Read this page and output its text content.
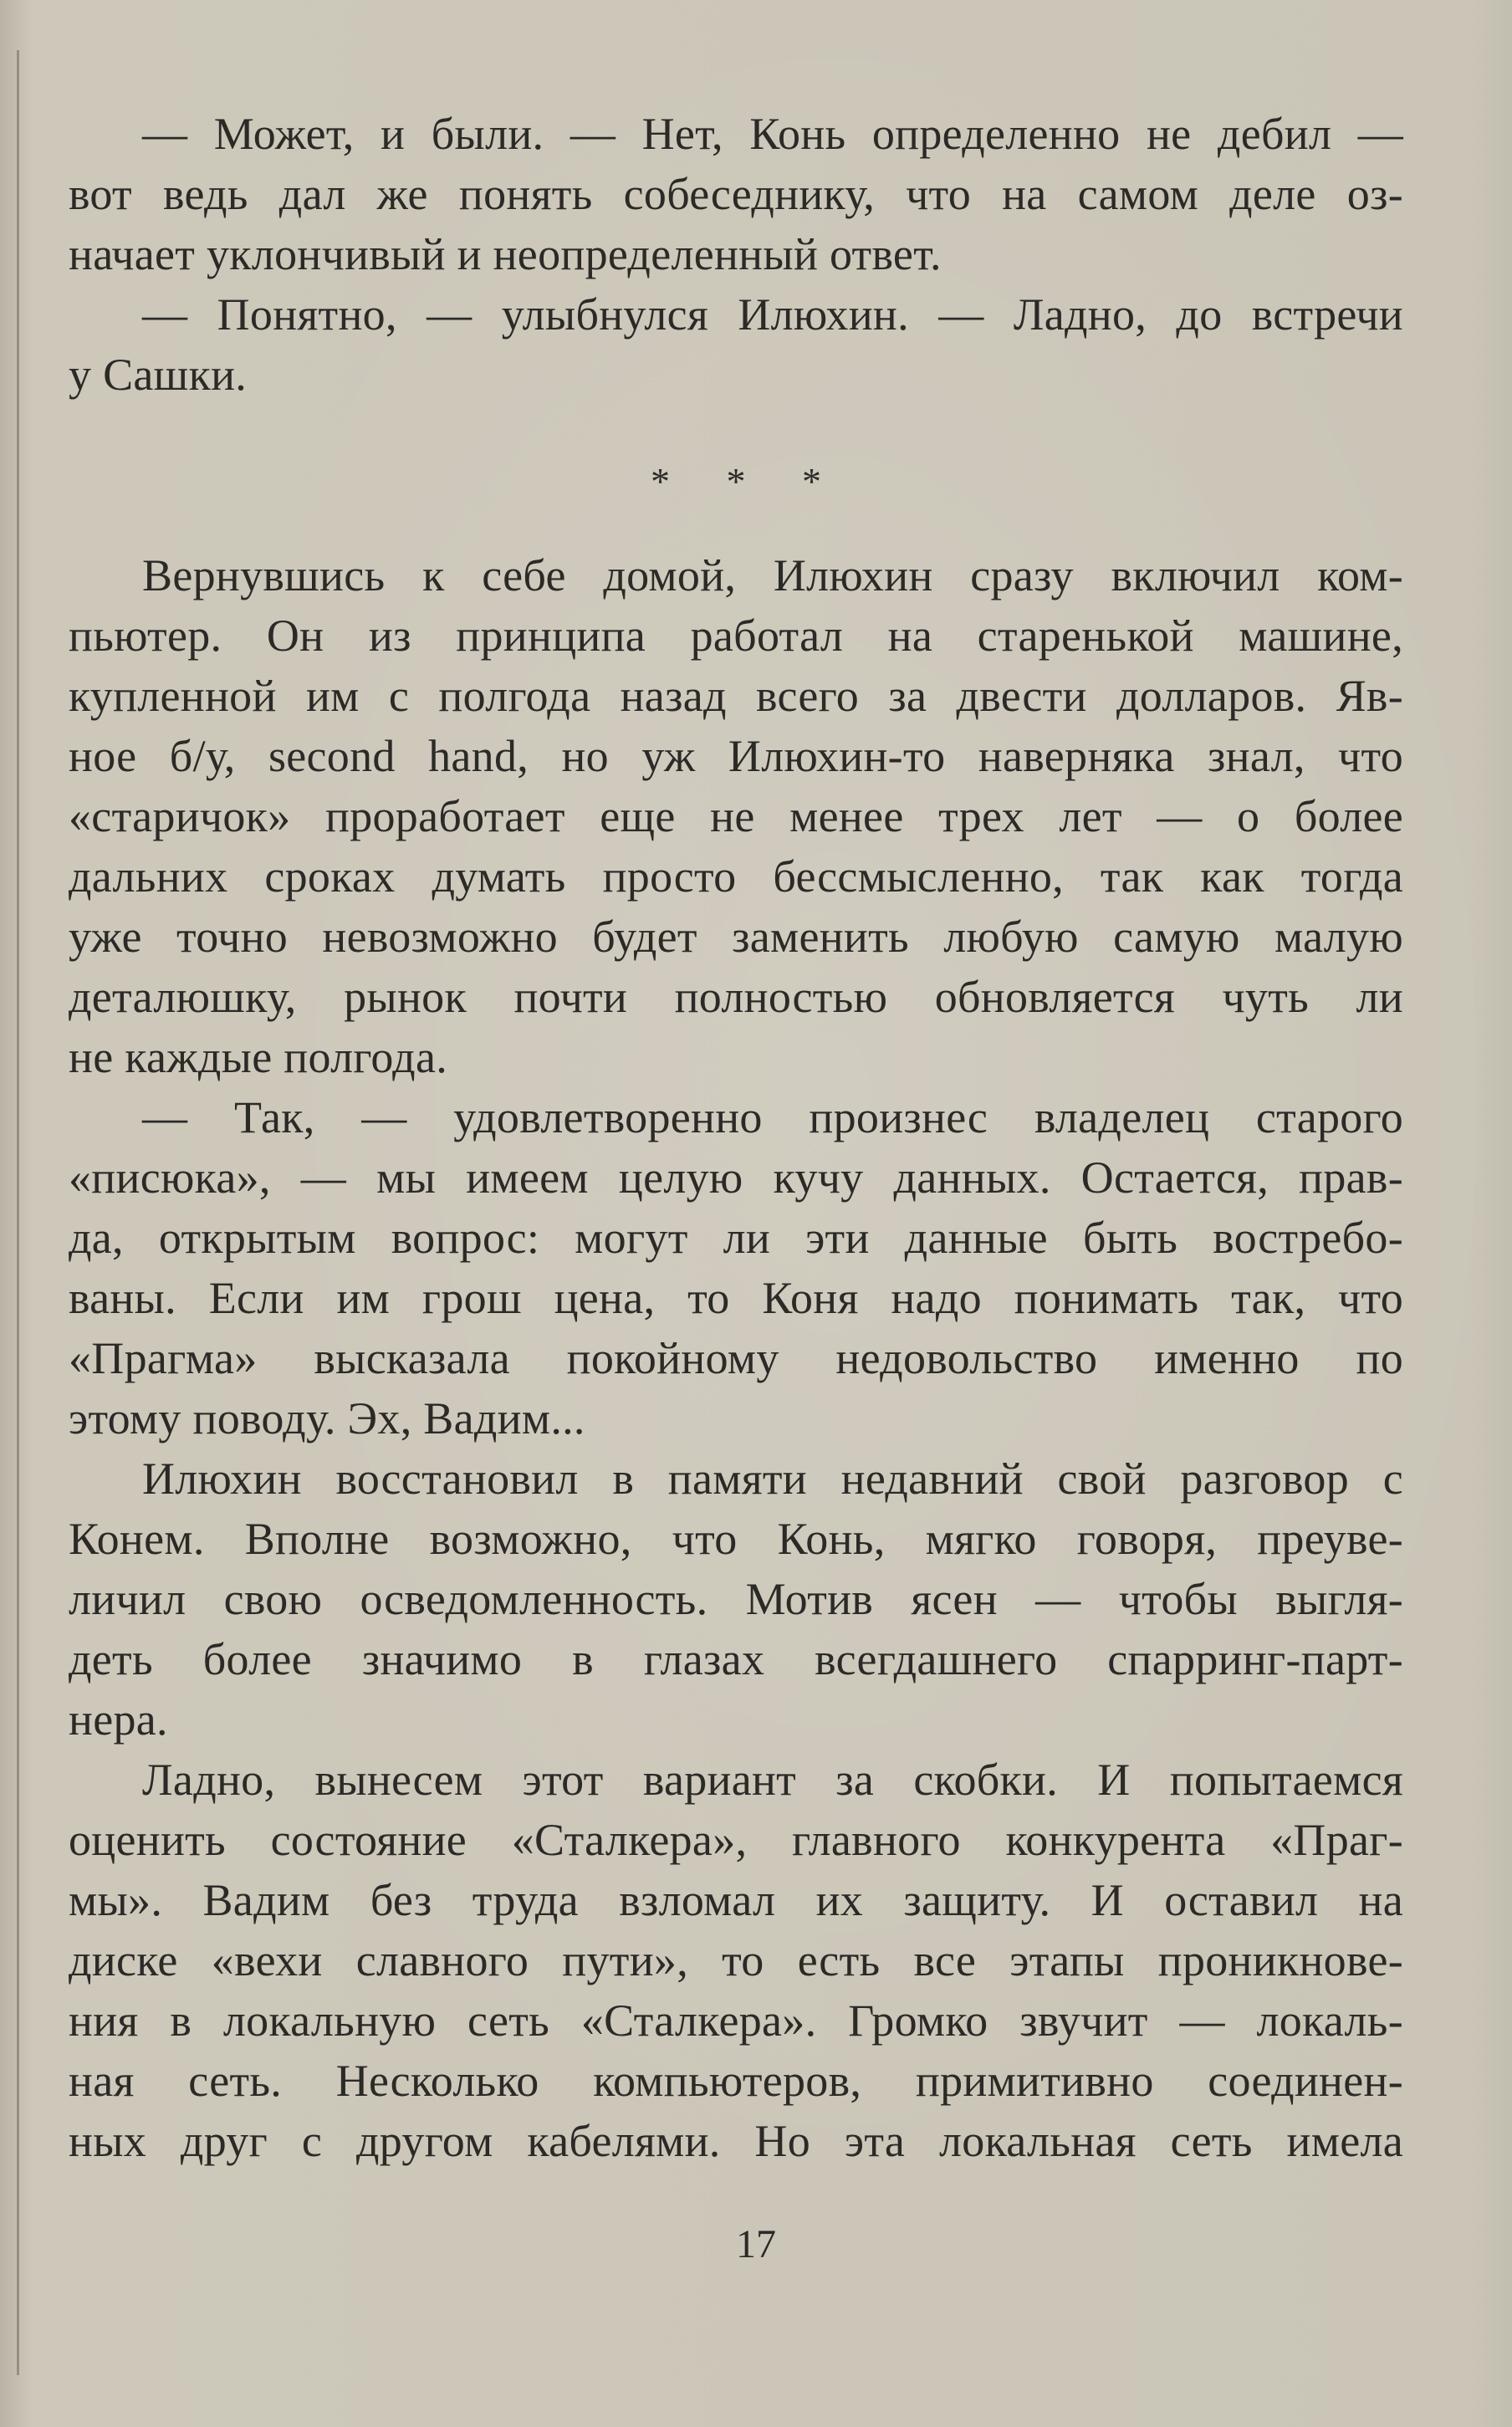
— Может, и были. — Нет, Конь определенно не дебил —
вот ведь дал же понять собеседнику, что на самом деле оз-
начает уклончивый и неопределенный ответ.
— Понятно, — улыбнулся Илюхин. — Ладно, до встречи
у Сашки.
* * *
Вернувшись к себе домой, Илюхин сразу включил ком-
пьютер. Он из принципа работал на старенькой машине,
купленной им с полгода назад всего за двести долларов. Яв-
ное б/у, second hand, но уж Илюхин-то наверняка знал, что
«старичок» проработает еще не менее трех лет — о более
дальних сроках думать просто бессмысленно, так как тогда
уже точно невозможно будет заменить любую самую малую
деталюшку, рынок почти полностью обновляется чуть ли
не каждые полгода.
— Так, — удовлетворенно произнес владелец старого
«писюка», — мы имеем целую кучу данных. Остается, прав-
да, открытым вопрос: могут ли эти данные быть востребо-
ваны. Если им грош цена, то Коня надо понимать так, что
«Прагма» высказала покойному недовольство именно по
этому поводу. Эх, Вадим...
Илюхин восстановил в памяти недавний свой разговор с
Конем. Вполне возможно, что Конь, мягко говоря, преуве-
личил свою осведомленность. Мотив ясен — чтобы выгля-
деть более значимо в глазах всегдашнего спарринг-парт-
нера.
Ладно, вынесем этот вариант за скобки. И попытаемся
оценить состояние «Сталкера», главного конкурента «Праг-
мы». Вадим без труда взломал их защиту. И оставил на
диске «вехи славного пути», то есть все этапы проникнове-
ния в локальную сеть «Сталкера». Громко звучит — локаль-
ная сеть. Несколько компьютеров, примитивно соединен-
ных друг с другом кабелями. Но эта локальная сеть имела
17
